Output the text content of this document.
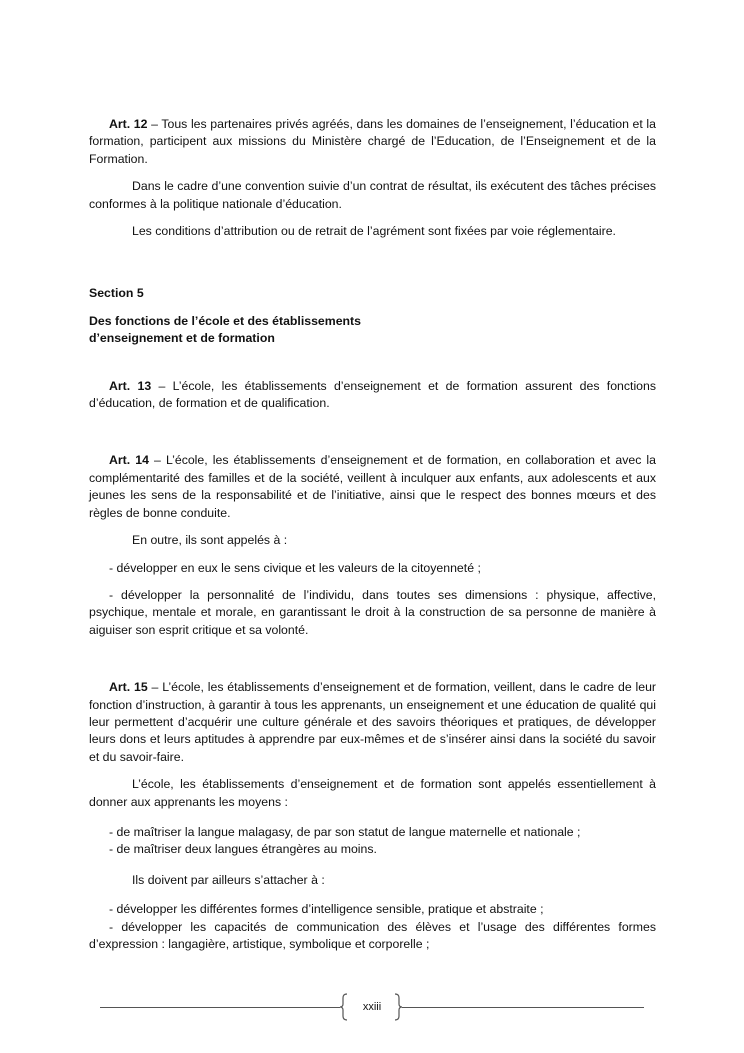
Art. 12 – Tous les partenaires privés agréés, dans les domaines de l’enseignement, l’éducation et la formation, participent aux missions du Ministère chargé de l’Education, de l’Enseignement et de la Formation.

Dans le cadre d’une convention suivie d’un contrat de résultat, ils exécutent des tâches précises conformes à la politique nationale d’éducation.

Les conditions d’attribution ou de retrait de l’agrément sont fixées par voie réglementaire.

Section 5

Des fonctions de l’école et des établissements
d’enseignement et de formation

Art. 13 – L’école, les établissements d’enseignement et de formation assurent des fonctions d’éducation, de formation et de qualification.

Art. 14 – L’école, les établissements d’enseignement et de formation, en collaboration et avec la complémentarité des familles et de la société, veillent à inculquer aux enfants, aux adolescents et aux jeunes les sens de la responsabilité et de l’initiative, ainsi que le respect des bonnes mœurs et des règles de bonne conduite.

En outre, ils sont appelés à :

- développer en eux le sens civique et les valeurs de la citoyenneté ;

- développer la personnalité de l’individu, dans toutes ses dimensions : physique, affective, psychique, mentale et morale, en garantissant le droit à la construction de sa personne de manière à aiguiser son esprit critique et sa volonté.

Art. 15 – L’école, les établissements d’enseignement et de formation, veillent, dans le cadre de leur fonction d’instruction, à garantir à tous les apprenants, un enseignement et une éducation de qualité qui leur permettent d’acquérir une culture générale et des savoirs théoriques et pratiques, de développer leurs dons et leurs aptitudes à apprendre par eux-mêmes et de s’insérer ainsi dans la société du savoir et du savoir-faire.

L’école, les établissements d’enseignement et de formation sont appelés essentiellement à donner aux apprenants les moyens :

- de maîtriser la langue malagasy, de par son statut de langue maternelle et nationale ;

- de maîtriser deux langues étrangères au moins.

Ils doivent par ailleurs s’attacher à :

- développer les différentes formes d’intelligence sensible, pratique et abstraite ;

- développer les capacités de communication des élèves et l’usage des différentes formes d’expression : langagière, artistique, symbolique et corporelle ;

xxiii
